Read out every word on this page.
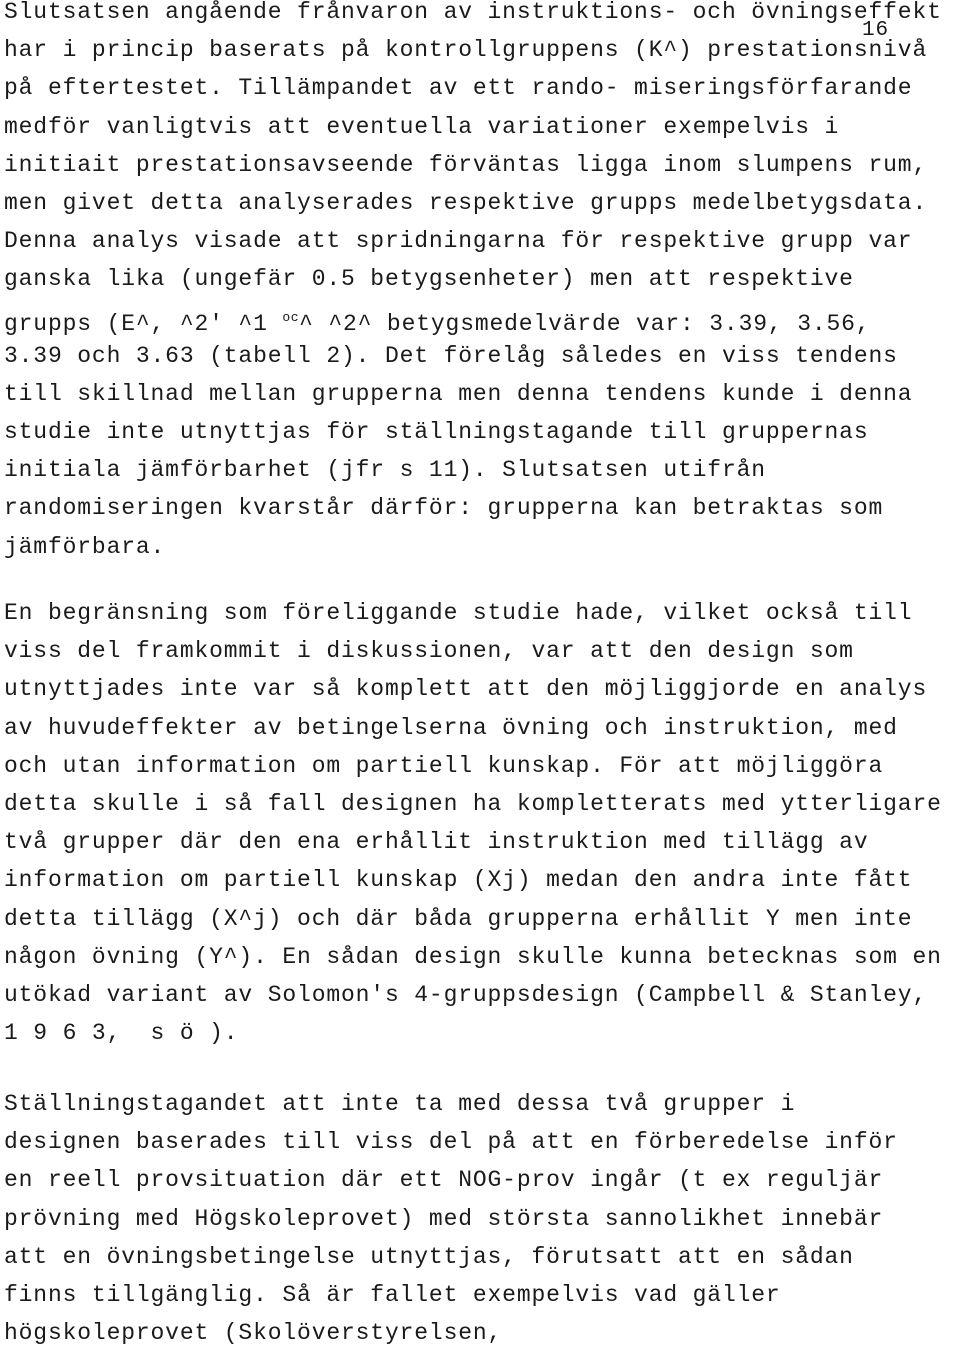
16
Slutsatsen angående frånvaron av instruktions- och övningseffekt
har i princip baserats på kontrollgruppens (K^) prestationsnivå
på eftertestet. Tillämpandet av ett rando- miseringsförfarande
medför vanligtvis att eventuella variationer exempelvis i
initiait prestationsavseende förväntas ligga inom slumpens rum,
men givet detta analyserades respektive grupps medelbetygsdata.
Denna analys visade att spridningarna för respektive grupp var
ganska lika (ungefär 0.5 betygsenheter) men att respektive
grupps (E^, ^2' ^1 $^{oc}$^ ^2^ betygsmedelvärde var: 3.39, 3.56,
3.39 och 3.63 (tabell 2). Det förelåg således en viss tendens
till skillnad mellan grupperna men denna tendens kunde i denna
studie inte utnyttjas för ställningstagande till gruppernas
initiala jämförbarhet (jfr s 11). Slutsatsen utifrån
randomiseringen kvarstår därför: grupperna kan betraktas som
jämförbara.
En begränsning som föreliggande studie hade, vilket också till
viss del framkommit i diskussionen, var att den design som
utnyttjades inte var så komplett att den möjliggjorde en analys
av huvudeffekter av betingelserna övning och instruktion, med
och utan information om partiell kunskap. För att möjliggöra
detta skulle i så fall designen ha kompletterats med ytterligare
två grupper där den ena erhållit instruktion med tillägg av
information om partiell kunskap (Xj) medan den andra inte fått
detta tillägg (X^j) och där båda grupperna erhållit Y men inte
någon övning (Y^). En sådan design skulle kunna betecknas som en
utökad variant av Solomon's 4-gruppsdesign (Campbell & Stanley,
1 9 6 3,  s ö ).
Ställningstagandet att inte ta med dessa två grupper i
designen baserades till viss del på att en förberedelse inför
en reell provsituation där ett NOG-prov ingår (t ex reguljär
prövning med Högskoleprovet) med största sannolikhet innebär
att en övningsbetingelse utnyttjas, förutsatt att en sådan
finns tillgänglig. Så är fallet exempelvis vad gäller
högskoleprovet (Skolöverstyrelsen,
